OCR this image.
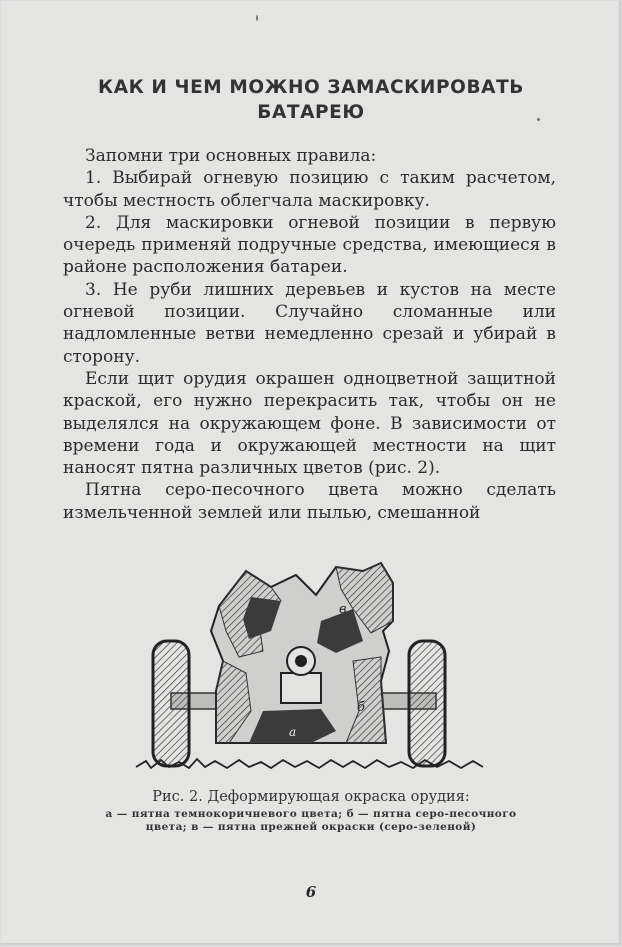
КАК И ЧЕМ МОЖНО ЗАМАСКИРОВАТЬ
БАТАРЕЮ

Запомни три основных правила:

1. Выбирай огневую позицию с таким расчетом, чтобы местность облегчала маскировку.

2. Для маскировки огневой позиции в первую очередь применяй подручные средства, имеющиеся в районе расположения батареи.

3. Не руби лишних деревьев и кустов на месте огневой позиции. Случайно сломанные или надломленные ветви немедленно срезай и убирай в сторону.

Если щит орудия окрашен одноцветной защитной краской, его нужно перекрасить так, чтобы он не выделялся на окружающем фоне. В зависимости от времени года и окружающей местности на щит наносят пятна различных цветов (рис. 2).

Пятна серо-песочного цвета можно сделать измельченной землей или пылью, смешанной

в
б
а
Рис. 2. Деформирующая окраска орудия:
а — пятна темнокоричневого цвета; б — пятна серо-песочного цвета; в — пятна прежней окраски (серо-зеленой)
6
